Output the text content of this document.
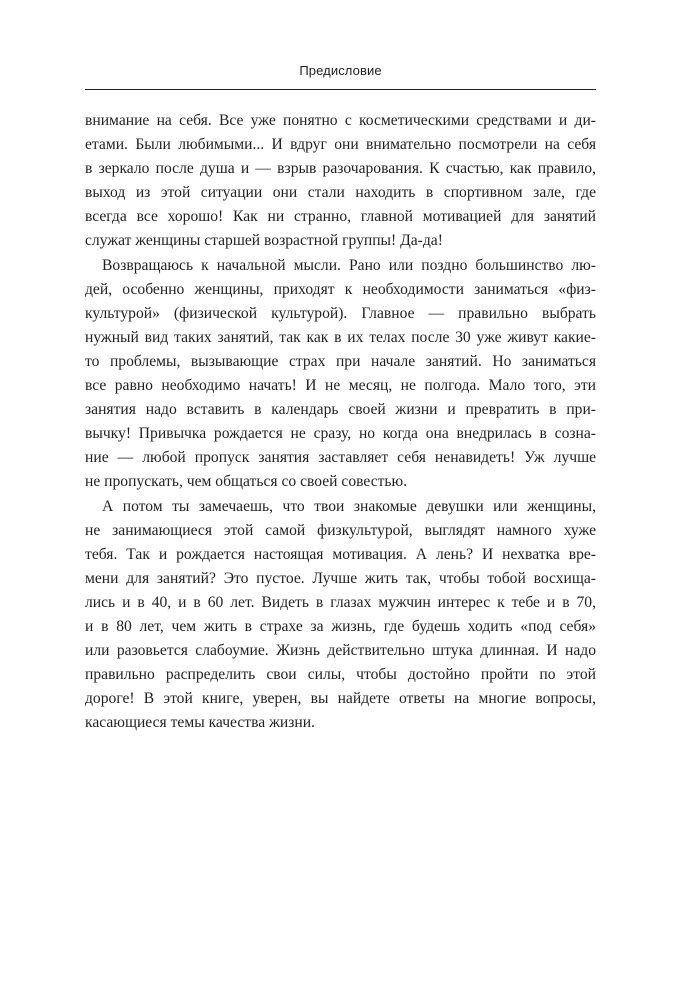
Предисловие
внимание на себя. Все уже понятно с косметическими средствами и ди-
етами. Были любимыми... И вдруг они внимательно посмотрели на себя
в зеркало после душа и — взрыв разочарования. К счастью, как правило,
выход из этой ситуации они стали находить в спортивном зале, где
всегда все хорошо! Как ни странно, главной мотивацией для занятий
служат женщины старшей возрастной группы! Да-да!
Возвращаюсь к начальной мысли. Рано или поздно большинство лю-
дей, особенно женщины, приходят к необходимости заниматься «физ-
культурой» (физической культурой). Главное — правильно выбрать
нужный вид таких занятий, так как в их телах после 30 уже живут какие-
то проблемы, вызывающие страх при начале занятий. Но заниматься
все равно необходимо начать! И не месяц, не полгода. Мало того, эти
занятия надо вставить в календарь своей жизни и превратить в при-
вычку! Привычка рождается не сразу, но когда она внедрилась в созна-
ние — любой пропуск занятия заставляет себя ненавидеть! Уж лучше
не пропускать, чем общаться со своей совестью.
А потом ты замечаешь, что твои знакомые девушки или женщины,
не занимающиеся этой самой физкультурой, выглядят намного хуже
тебя. Так и рождается настоящая мотивация. А лень? И нехватка вре-
мени для занятий? Это пустое. Лучше жить так, чтобы тобой восхища-
лись и в 40, и в 60 лет. Видеть в глазах мужчин интерес к тебе и в 70,
и в 80 лет, чем жить в страхе за жизнь, где будешь ходить «под себя»
или разовьется слабоумие. Жизнь действительно штука длинная. И надо
правильно распределить свои силы, чтобы достойно пройти по этой
дороге! В этой книге, уверен, вы найдете ответы на многие вопросы,
касающиеся темы качества жизни.
